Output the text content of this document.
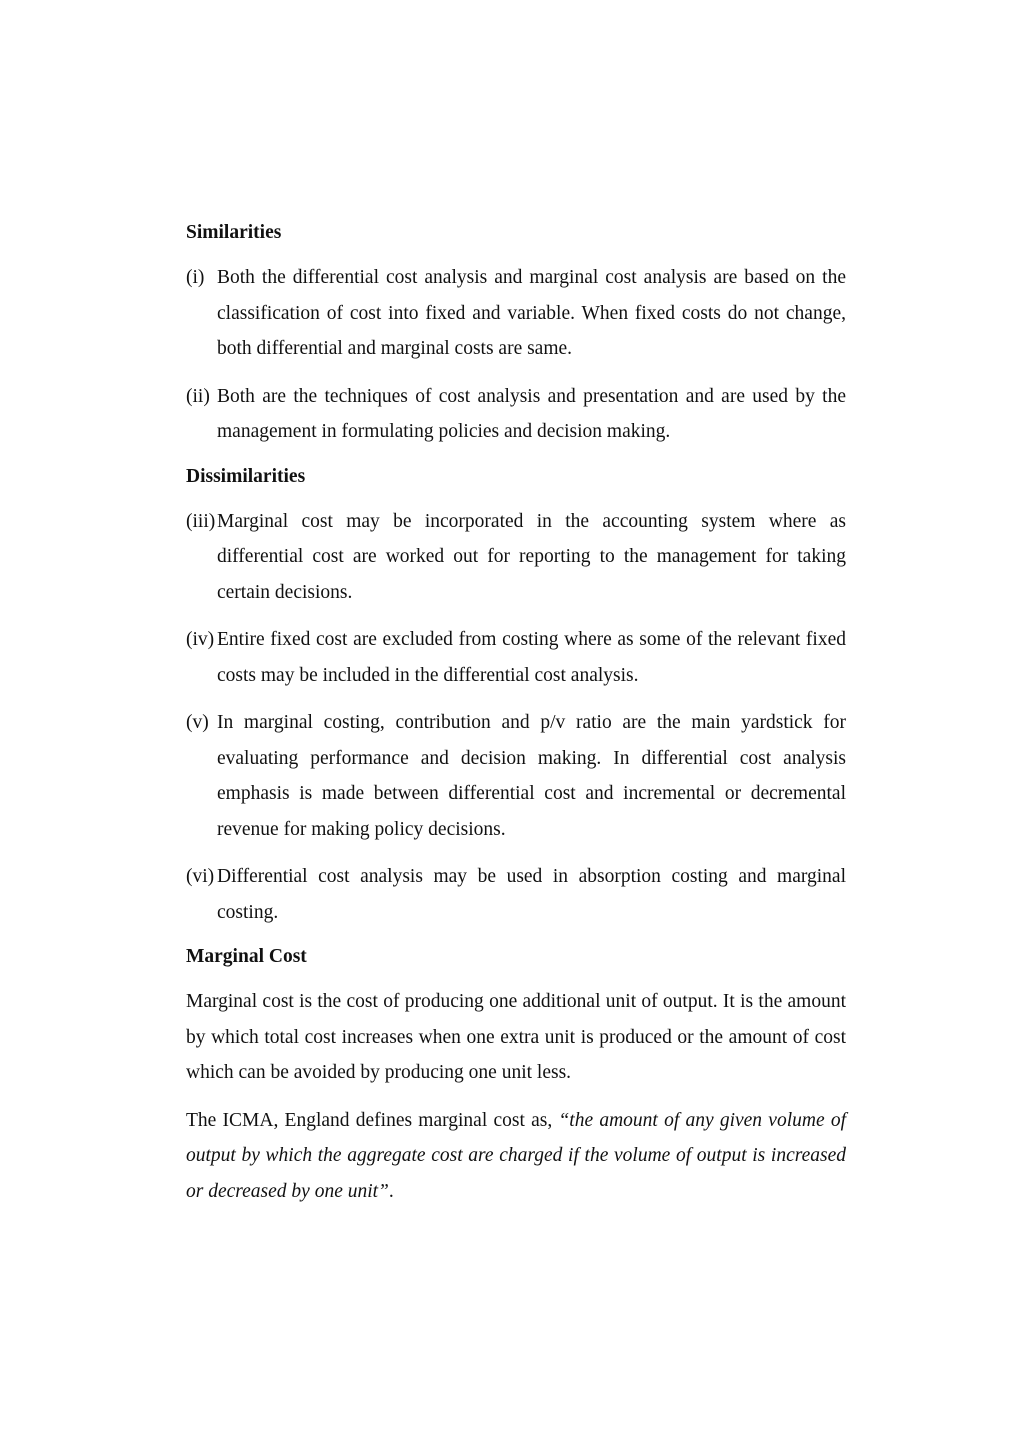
Similarities
(i) Both the differential cost analysis and marginal cost analysis are based on the classification of cost into fixed and variable. When fixed costs do not change, both differential and marginal costs are same.
(ii) Both are the techniques of cost analysis and presentation and are used by the management in formulating policies and decision making.
Dissimilarities
(iii) Marginal cost may be incorporated in the accounting system where as differential cost are worked out for reporting to the management for taking certain decisions.
(iv) Entire fixed cost are excluded from costing where as some of the relevant fixed costs may be included in the differential cost analysis.
(v) In marginal costing, contribution and p/v ratio are the main yardstick for evaluating performance and decision making. In differential cost analysis emphasis is made between differential cost and incremental or decremental revenue for making policy decisions.
(vi) Differential cost analysis may be used in absorption costing and marginal costing.
Marginal Cost

Marginal cost is the cost of producing one additional unit of output. It is the amount by which total cost increases when one extra unit is produced or the amount of cost which can be avoided by producing one unit less.

The ICMA, England defines marginal cost as, “the amount of any given volume of output by which the aggregate cost are charged if the volume of output is increased or decreased by one unit”.
